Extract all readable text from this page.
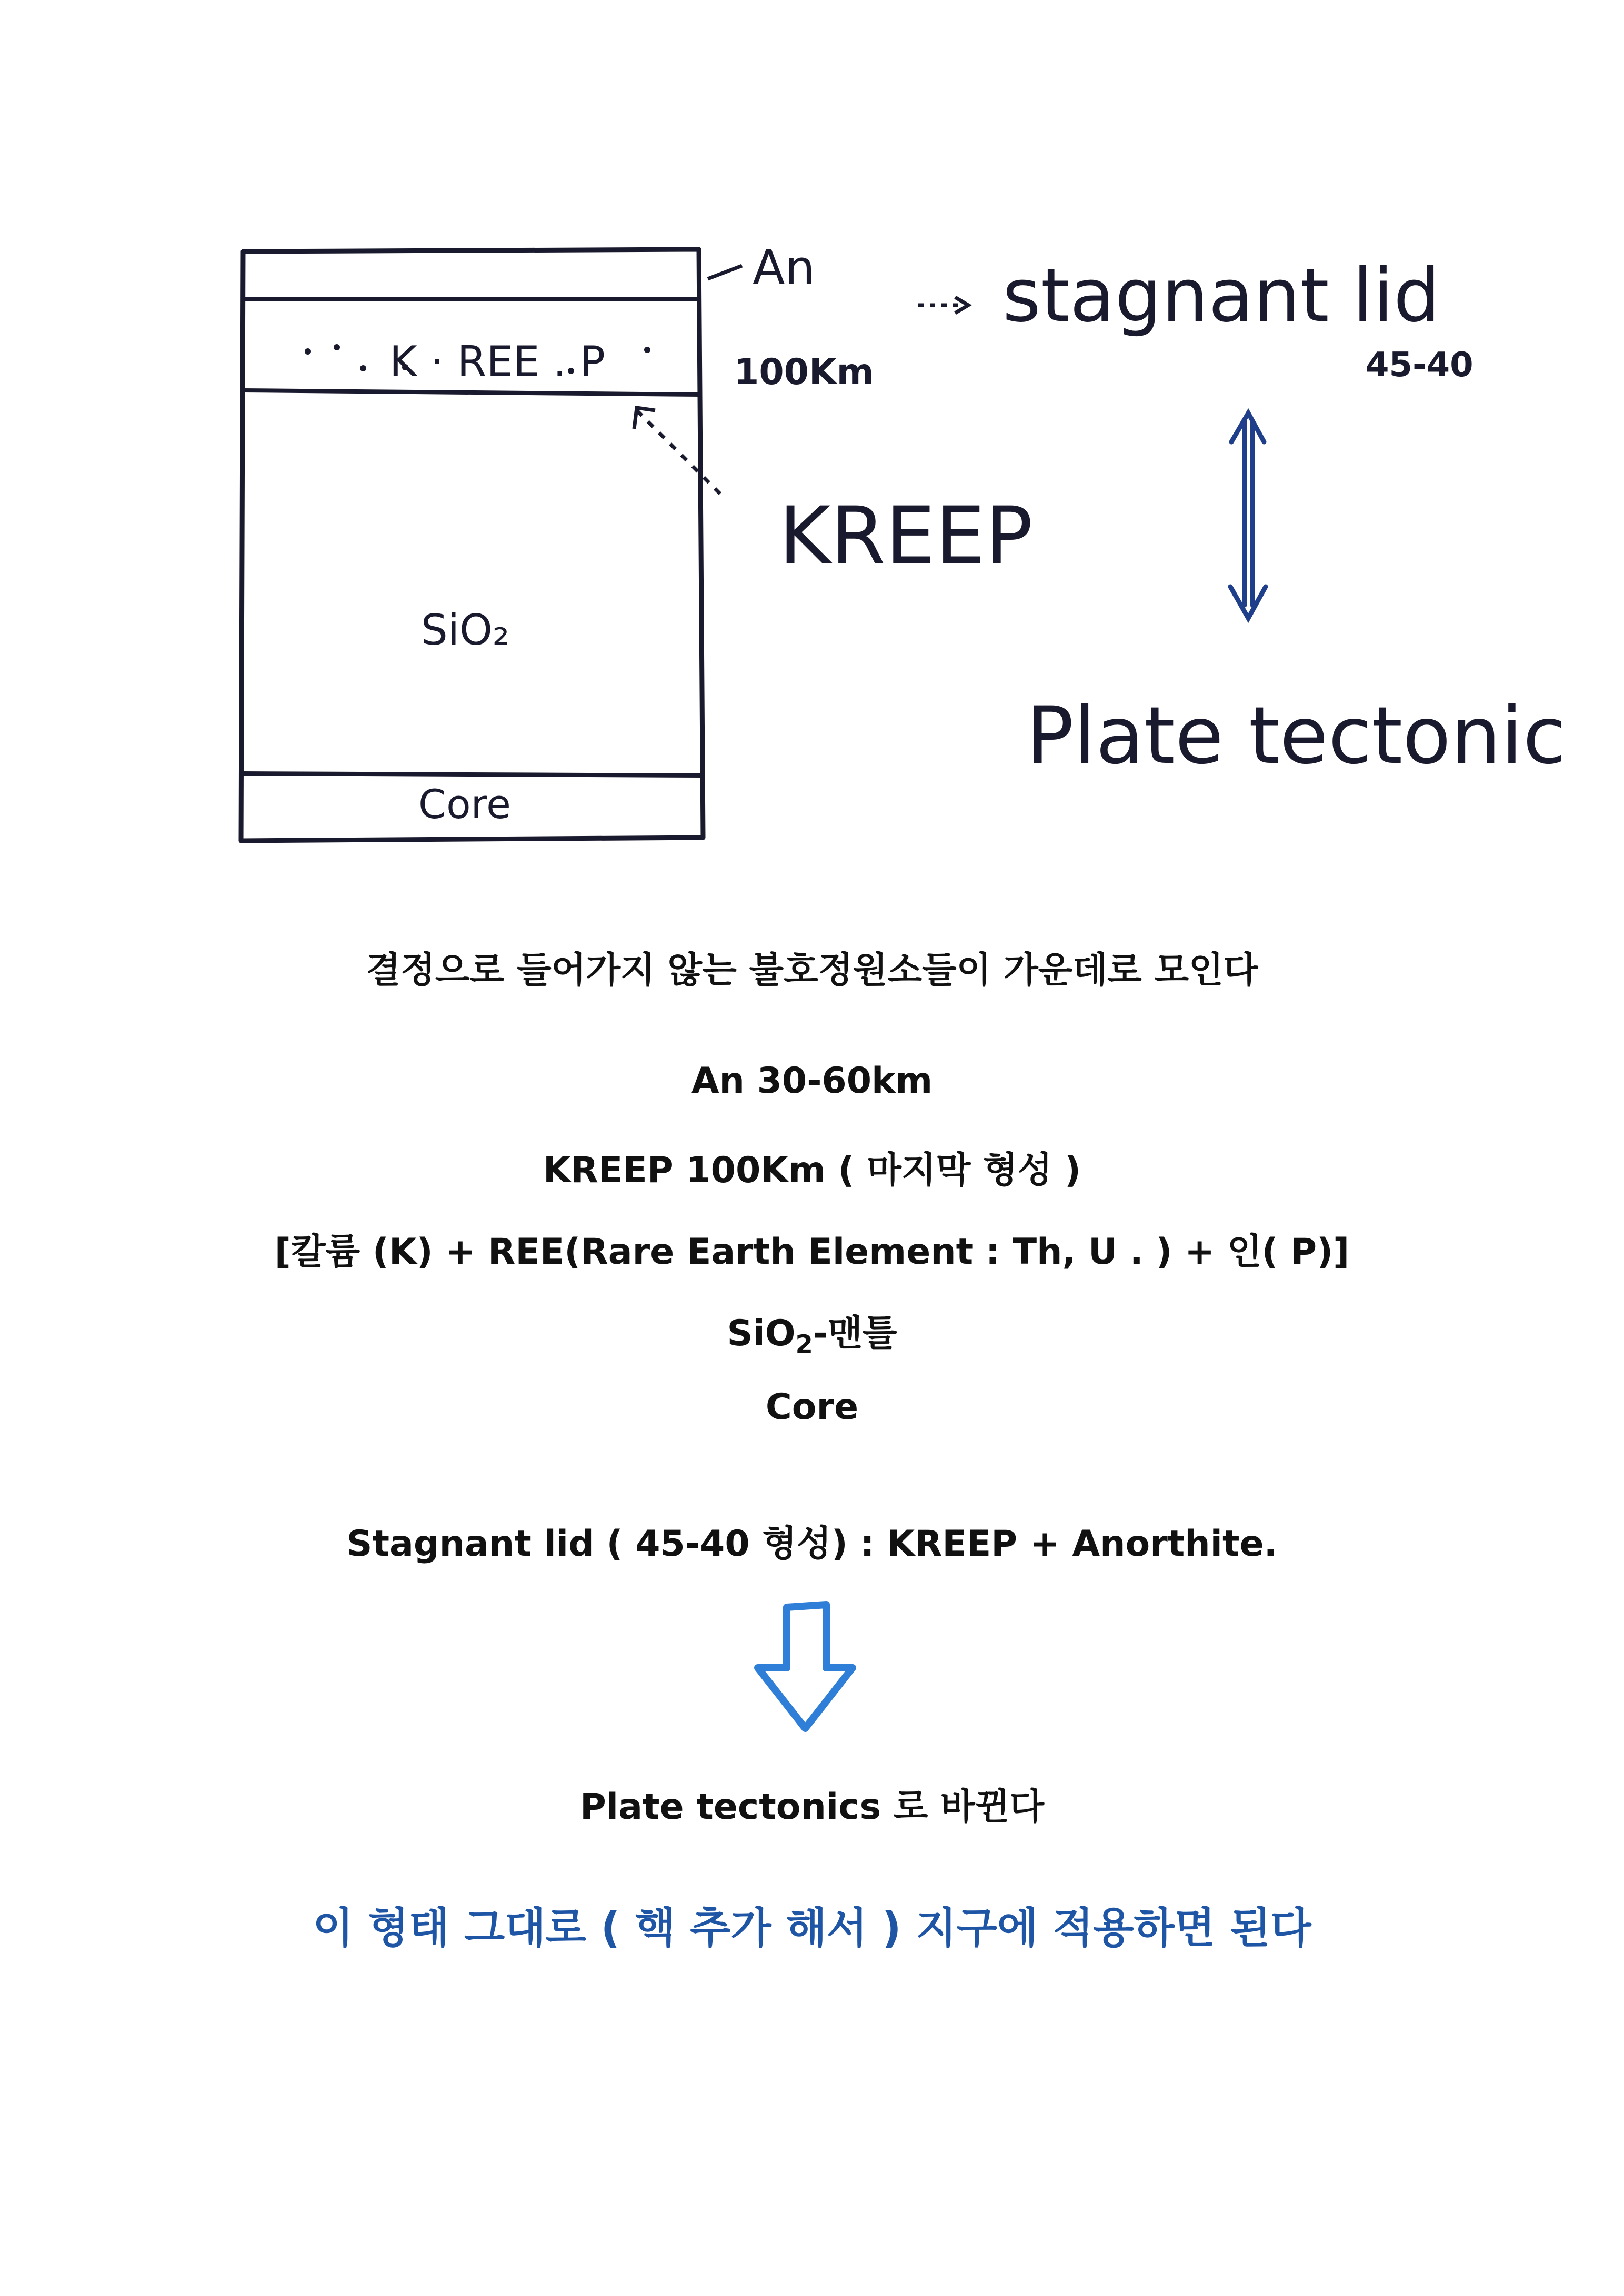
K · REE . P
SiO₂
Core
An
100Km
KREEP
stagnant lid
45-40
Plate tectonic
결정으로 들어가지 않는 불호정원소들이 가운데로 모인다
An 30-60km
KREEP 100Km ( 마지막 형성 )
[칼륨 (K) + REE(Rare Earth Element : Th, U . ) + 인( P)]
SiO$_2$-맨틀
Core
Stagnant lid ( 45-40 형성) : KREEP + Anorthite.
Plate tectonics 로 바뀐다
이 형태 그대로 ( 핵 추가 해서 ) 지구에 적용하면 된다
